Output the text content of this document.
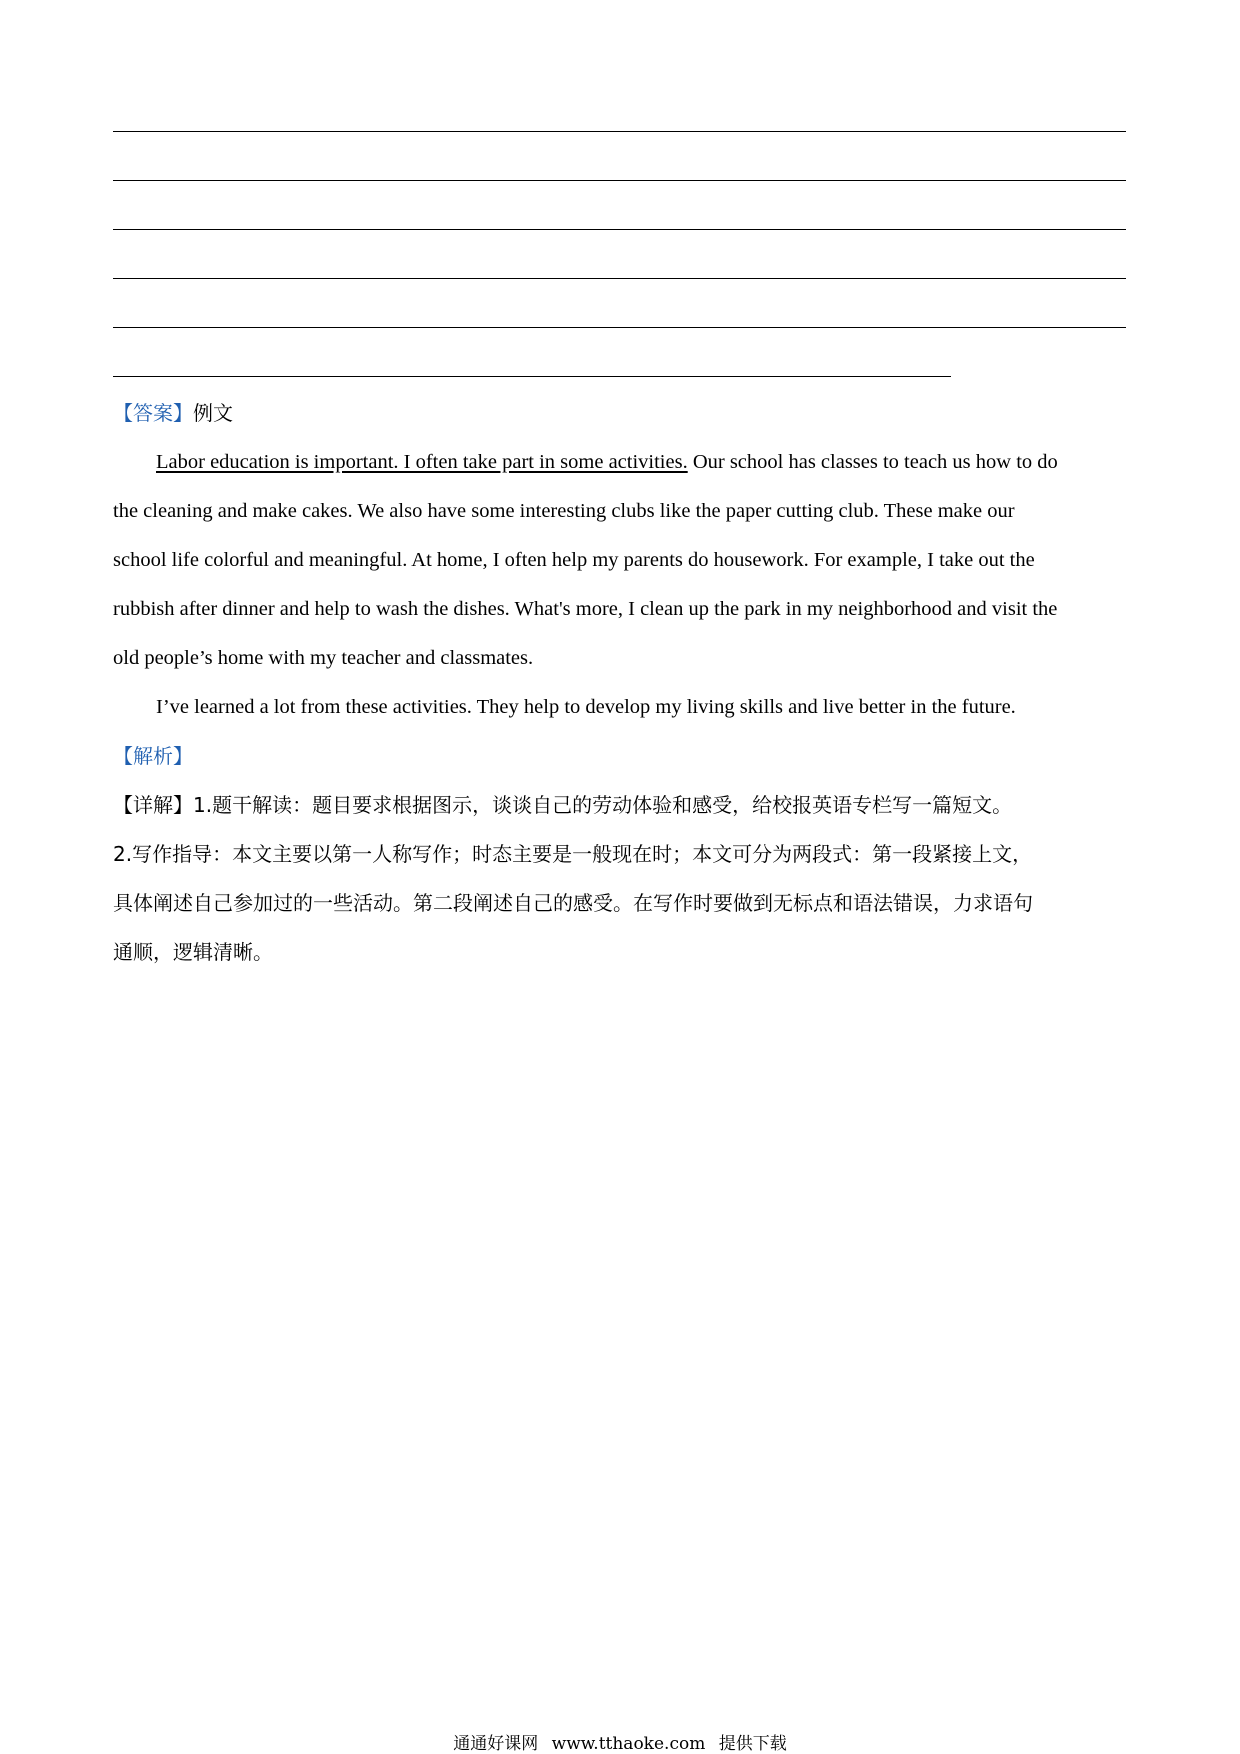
【答案】例文
Labor education is important. I often take part in some activities. Our school has classes to teach us how to do
the cleaning and make cakes. We also have some interesting clubs like the paper cutting club. These make our
school life colorful and meaningful. At home, I often help my parents do housework. For example, I take out the
rubbish after dinner and help to wash the dishes. What's more, I clean up the park in my neighborhood and visit the
old people’s home with my teacher and classmates.
I’ve learned a lot from these activities. They help to develop my living skills and live better in the future.
【解析】
【详解】1.题干解读：题目要求根据图示，谈谈自己的劳动体验和感受，给校报英语专栏写一篇短文。
2.写作指导：本文主要以第一人称写作；时态主要是一般现在时；本文可分为两段式：第一段紧接上文，
具体阐述自己参加过的一些活动。第二段阐述自己的感受。在写作时要做到无标点和语法错误，力求语句
通顺，逻辑清晰。
通通好课网 www.tthaoke.com 提供下载
